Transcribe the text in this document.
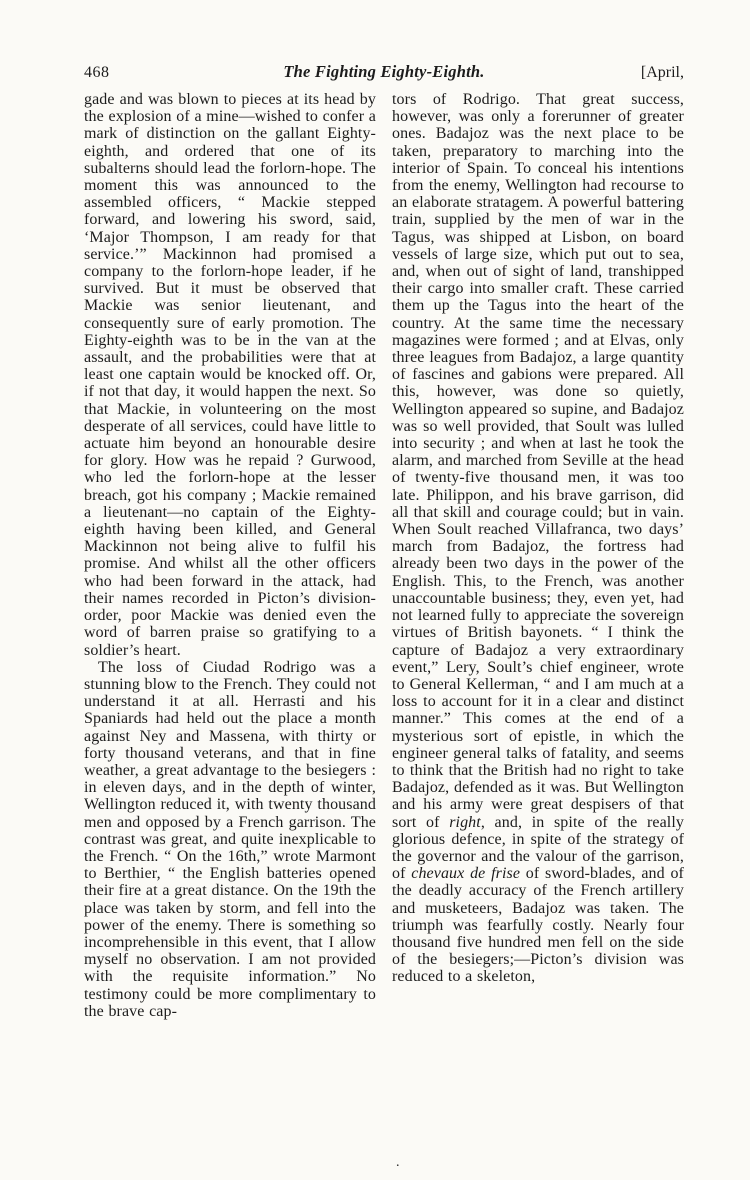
468	The Fighting Eighty-Eighth.	[April,

gade and was blown to pieces at its head by the explosion of a mine—wished to confer a mark of distinction on the gallant Eighty-eighth, and ordered that one of its subalterns should lead the forlorn-hope. The moment this was announced to the assembled officers, “ Mackie stepped forward, and lowering his sword, said, ‘Major Thompson, I am ready for that service.’” Mackinnon had promised a company to the forlorn-hope leader, if he survived. But it must be observed that Mackie was senior lieutenant, and consequently sure of early promotion. The Eighty-eighth was to be in the van at the assault, and the probabilities were that at least one captain would be knocked off. Or, if not that day, it would happen the next. So that Mackie, in volunteering on the most desperate of all services, could have little to actuate him beyond an honourable desire for glory. How was he repaid ? Gurwood, who led the forlorn-hope at the lesser breach, got his company ; Mackie remained a lieutenant—no captain of the Eighty-eighth having been killed, and General Mackinnon not being alive to fulfil his promise. And whilst all the other officers who had been forward in the attack, had their names recorded in Picton’s division-order, poor Mackie was denied even the word of barren praise so gratifying to a soldier’s heart.

The loss of Ciudad Rodrigo was a stunning blow to the French. They could not understand it at all. Herrasti and his Spaniards had held out the place a month against Ney and Massena, with thirty or forty thousand veterans, and that in fine weather, a great advantage to the besiegers : in eleven days, and in the depth of winter, Wellington reduced it, with twenty thousand men and opposed by a French garrison. The contrast was great, and quite inexplicable to the French. “ On the 16th,” wrote Marmont to Berthier, “ the English batteries opened their fire at a great distance. On the 19th the place was taken by storm, and fell into the power of the enemy. There is something so incomprehensible in this event, that I allow myself no observation. I am not provided with the requisite information.” No testimony could be more complimentary to the brave cap-

tors of Rodrigo. That great success, however, was only a forerunner of greater ones. Badajoz was the next place to be taken, preparatory to marching into the interior of Spain. To conceal his intentions from the enemy, Wellington had recourse to an elaborate stratagem. A powerful battering train, supplied by the men of war in the Tagus, was shipped at Lisbon, on board vessels of large size, which put out to sea, and, when out of sight of land, transhipped their cargo into smaller craft. These carried them up the Tagus into the heart of the country. At the same time the necessary magazines were formed ; and at Elvas, only three leagues from Badajoz, a large quantity of fascines and gabions were prepared. All this, however, was done so quietly, Wellington appeared so supine, and Badajoz was so well provided, that Soult was lulled into security ; and when at last he took the alarm, and marched from Seville at the head of twenty-five thousand men, it was too late. Philippon, and his brave garrison, did all that skill and courage could; but in vain. When Soult reached Villafranca, two days’ march from Badajoz, the fortress had already been two days in the power of the English. This, to the French, was another unaccountable business; they, even yet, had not learned fully to appreciate the sovereign virtues of British bayonets. “ I think the capture of Badajoz a very extraordinary event,” Lery, Soult’s chief engineer, wrote to General Kellerman, “ and I am much at a loss to account for it in a clear and distinct manner.” This comes at the end of a mysterious sort of epistle, in which the engineer general talks of fatality, and seems to think that the British had no right to take Badajoz, defended as it was. But Wellington and his army were great despisers of that sort of right, and, in spite of the really glorious defence, in spite of the strategy of the governor and the valour of the garrison, of chevaux de frise of sword-blades, and of the deadly accuracy of the French artillery and musketeers, Badajoz was taken. The triumph was fearfully costly. Nearly four thousand five hundred men fell on the side of the besiegers;—Picton’s division was reduced to a skeleton,

.
